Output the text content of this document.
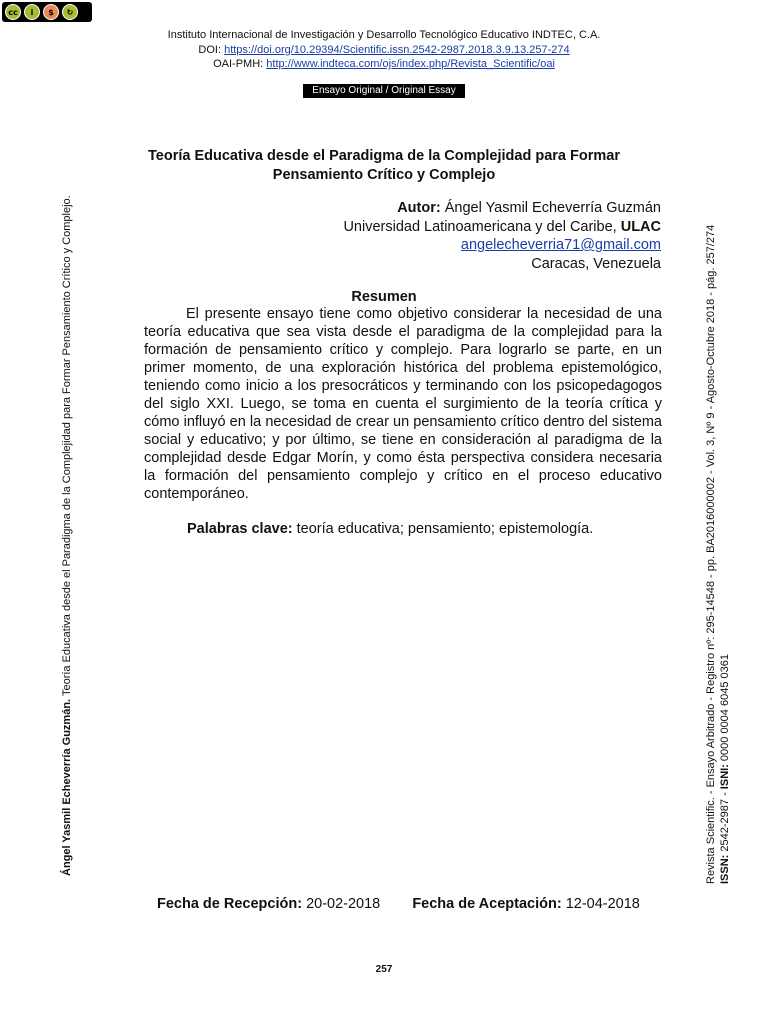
cc	i	$	↻
Instituto Internacional de Investigación y Desarrollo Tecnológico Educativo INDTEC, C.A.
DOI: https://doi.org/10.29394/Scientific.issn.2542-2987.2018.3.9.13.257-274
OAI-PMH: http://www.indteca.com/ojs/index.php/Revista_Scientific/oai
Ensayo Original / Original Essay
Teoría Educativa desde el Paradigma de la Complejidad para Formar
Pensamiento Crítico y Complejo
Autor: Ángel Yasmil Echeverría Guzmán
Universidad Latinoamericana y del Caribe, ULAC
angelecheverria71@gmail.com
Caracas, Venezuela
Resumen

El presente ensayo tiene como objetivo considerar la necesidad de una teoría educativa que sea vista desde el paradigma de la complejidad para la formación de pensamiento crítico y complejo. Para lograrlo se parte, en un primer momento, de una exploración histórica del problema epistemológico, teniendo como inicio a los presocráticos y terminando con los psicopedagogos del siglo XXI. Luego, se toma en cuenta el surgimiento de la teoría crítica y cómo influyó en la necesidad de crear un pensamiento crítico dentro del sistema social y educativo; y por último, se tiene en consideración al paradigma de la complejidad desde Edgar Morín, y como ésta perspectiva considera necesaria la formación del pensamiento complejo y crítico en el proceso educativo contemporáneo.

Palabras clave: teoría educativa; pensamiento; epistemología.
Ángel Yasmil Echeverría Guzmán. Teoría Educativa desde el Paradigma de la Complejidad para Formar Pensamiento Crítico y Complejo.	Revista Scientific. - Ensayo Arbitrado - Registro nº: 295-14548 - pp. BA2016000002 - Vol. 3, Nº 9 - Agosto-Octubre 2018 - pág. 257/274 ISSN: 2542-2987 - ISNI: 0000 0004 6045 0361
Fecha de Recepción: 20-02-2018 Fecha de Aceptación: 12-04-2018
257
